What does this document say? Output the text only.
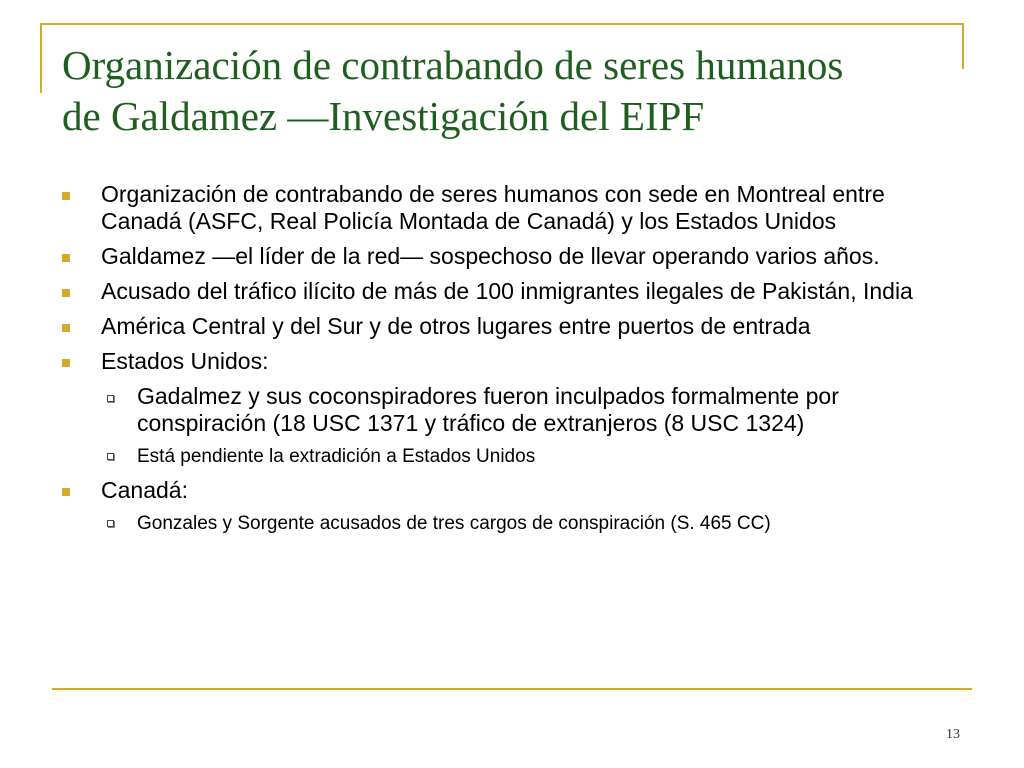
Organización de contrabando de seres humanos
de Galdamez —Investigación del EIPF
Organización de contrabando de seres humanos con sede en Montreal entre Canadá (ASFC, Real Policía Montada de Canadá) y los Estados Unidos
Galdamez —el líder de la red— sospechoso de llevar operando varios años.
Acusado del tráfico ilícito de más de 100 inmigrantes ilegales de Pakistán, India
América Central y del Sur y de otros lugares entre puertos de entrada
Estados Unidos:
Gadalmez y sus coconspiradores fueron inculpados formalmente por conspiración (18 USC 1371 y tráfico de extranjeros (8 USC 1324)
Está pendiente la extradición a Estados Unidos
Canadá:
Gonzales y Sorgente acusados de tres cargos de conspiración (S. 465 CC)
13
